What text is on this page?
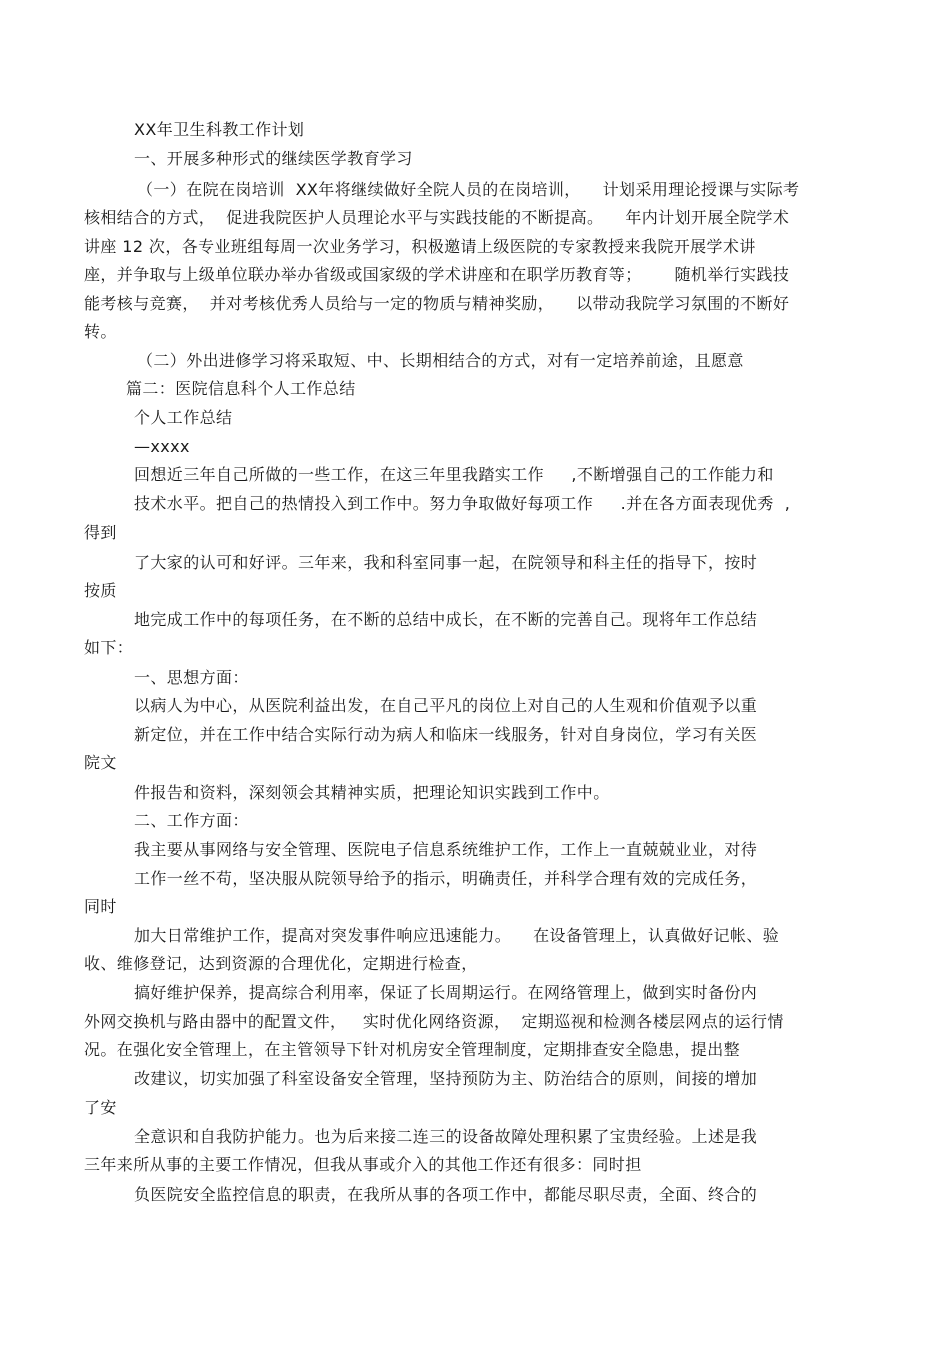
XX年卫生科教工作计划

一、开展多种形式的继续医学教育学习

（一）在院在岗培训  XX年将继续做好全院人员的在岗培训，    计划采用理论授课与实际考

核相结合的方式，  促进我院医护人员理论水平与实践技能的不断提高。    年内计划开展全院学术

讲座 12 次，各专业班组每周一次业务学习，积极邀请上级医院的专家教授来我院开展学术讲

座，并争取与上级单位联办举办省级或国家级的学术讲座和在职学历教育等；      随机举行实践技

能考核与竞赛，  并对考核优秀人员给与一定的物质与精神奖励，    以带动我院学习氛围的不断好

转。

（二）外出进修学习将采取短、中、长期相结合的方式，对有一定培养前途，且愿意

篇二：医院信息科个人工作总结

个人工作总结

—xxxx

回想近三年自己所做的一些工作，在这三年里我踏实工作     ,不断增强自己的工作能力和

技术水平。把自己的热情投入到工作中。努力争取做好每项工作     .并在各方面表现优秀  ,

得到

了大家的认可和好评。三年来，我和科室同事一起，在院领导和科主任的指导下，按时

按质

地完成工作中的每项任务，在不断的总结中成长，在不断的完善自己。现将年工作总结

如下：

一、思想方面：

以病人为中心，从医院利益出发，在自己平凡的岗位上对自己的人生观和价值观予以重

新定位，并在工作中结合实际行动为病人和临床一线服务，针对自身岗位，学习有关医

院文

件报告和资料，深刻领会其精神实质，把理论知识实践到工作中。

二、工作方面：

我主要从事网络与安全管理、医院电子信息系统维护工作，工作上一直兢兢业业，对待

工作一丝不苟，坚决服从院领导给予的指示，明确责任，并科学合理有效的完成任务，

同时

加大日常维护工作，提高对突发事件响应迅速能力。    在设备管理上，认真做好记帐、验

收、维修登记，达到资源的合理优化，定期进行检查，

搞好维护保养，提高综合利用率，保证了长周期运行。在网络管理上，做到实时备份内

外网交换机与路由器中的配置文件，   实时优化网络资源，  定期巡视和检测各楼层网点的运行情

况。在强化安全管理上，在主管领导下针对机房安全管理制度，定期排查安全隐患，提出整

改建议，切实加强了科室设备安全管理，坚持预防为主、防治结合的原则，间接的增加

了安

全意识和自我防护能力。也为后来接二连三的设备故障处理积累了宝贵经验。上述是我

三年来所从事的主要工作情况，但我从事或介入的其他工作还有很多：同时担

负医院安全监控信息的职责，在我所从事的各项工作中，都能尽职尽责，全面、终合的
